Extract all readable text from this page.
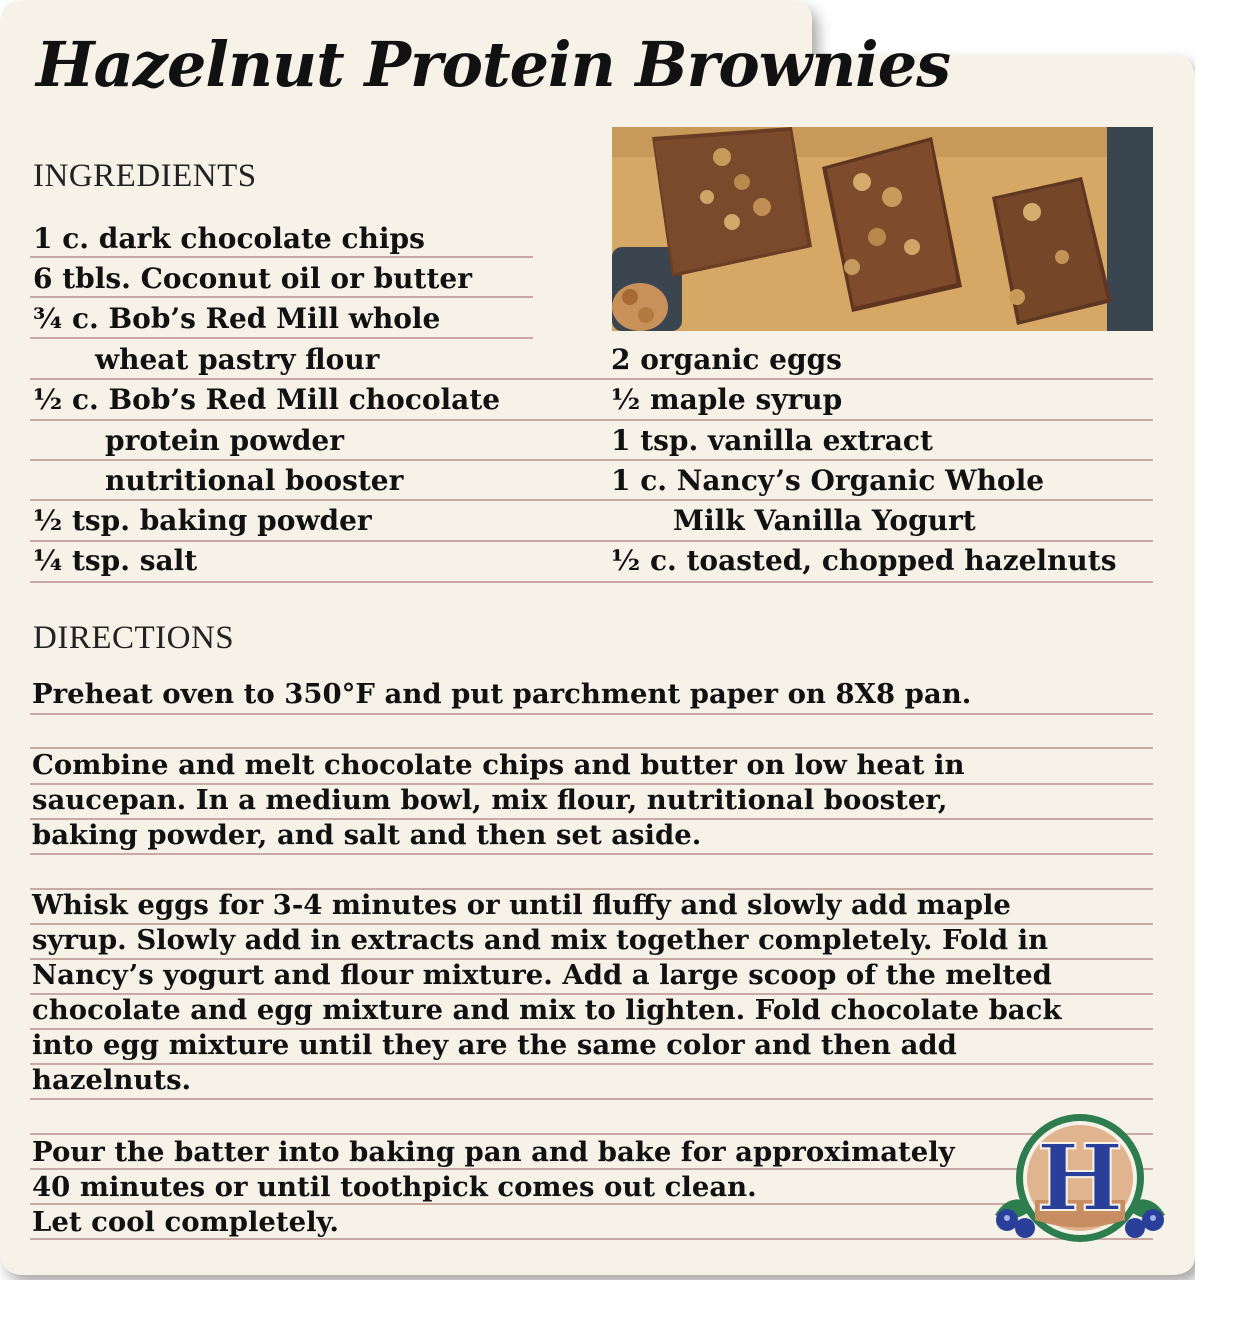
Hazelnut Protein Brownies
INGREDIENTS
1 c. dark chocolate chips
6 tbls. Coconut oil or butter
¾ c. Bob’s Red Mill whole
wheat pastry flour
½ c. Bob’s Red Mill chocolate
protein powder
nutritional booster
½ tsp. baking powder
¼ tsp. salt
2 organic eggs
½ maple syrup
1 tsp. vanilla extract
1 c. Nancy’s Organic Whole
Milk Vanilla Yogurt
½ c. toasted, chopped hazelnuts
DIRECTIONS
Preheat oven to 350°F and put parchment paper on 8X8 pan.
Combine and melt chocolate chips and butter on low heat in
saucepan. In a medium bowl, mix flour, nutritional booster,
baking powder, and salt and then set aside.
Whisk eggs for 3-4 minutes or until fluffy and slowly add maple
syrup. Slowly add in extracts and mix together completely. Fold in
Nancy’s yogurt and flour mixture. Add a large scoop of the melted
chocolate and egg mixture and mix to lighten. Fold chocolate back
into egg mixture until they are the same color and then add
hazelnuts.
Pour the batter into baking pan and bake for approximately
40 minutes or until toothpick comes out clean.
Let cool completely.	H
